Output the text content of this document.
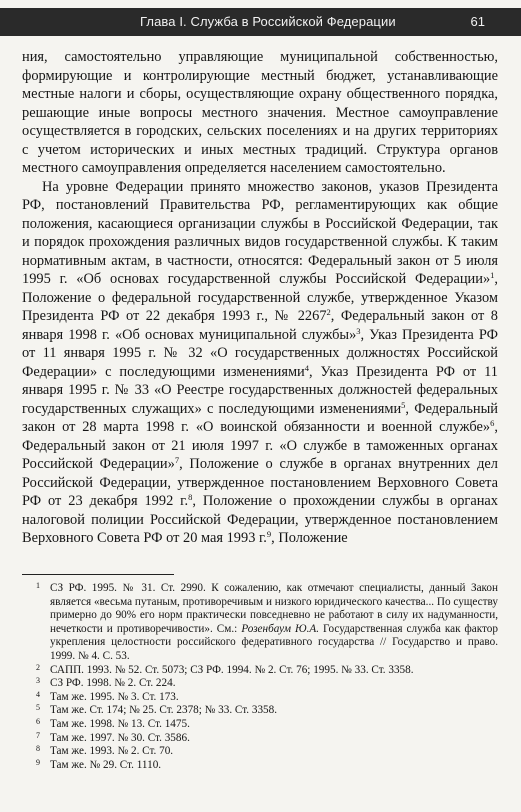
Глава I. Служба в Российской Федерации	61

ния, самостоятельно управляющие муниципальной собственностью, формирующие и контролирующие местный бюджет, устанавливающие местные налоги и сборы, осуществляющие охрану общественного порядка, решающие иные вопросы местного значения. Местное самоуправление осуществляется в городских, сельских поселениях и на других территориях с учетом исторических и иных местных традиций. Структура органов местного самоуправления определяется населением самостоятельно.

На уровне Федерации принято множество законов, указов Президента РФ, постановлений Правительства РФ, регламентирующих как общие положения, касающиеся организации службы в Российской Федерации, так и порядок прохождения различных видов государственной службы. К таким нормативным актам, в частности, относятся: Федеральный закон от 5 июля 1995 г. «Об основах государственной службы Российской Федерации»$^1$, Положение о федеральной государственной службе, утвержденное Указом Президента РФ от 22 декабря 1993 г., № 2267$^2$, Федеральный закон от 8 января 1998 г. «Об основах муниципальной службы»$^3$, Указ Президента РФ от 11 января 1995 г. № 32 «О государственных должностях Российской Федерации» с последующими изменениями$^4$, Указ Президента РФ от 11 января 1995 г. № 33 «О Реестре государственных должностей федеральных государственных служащих» с последующими изменениями$^5$, Федеральный закон от 28 марта 1998 г. «О воинской обязанности и военной службе»$^6$, Федеральный закон от 21 июля 1997 г. «О службе в таможенных органах Российской Федерации»$^7$, Положение о службе в органах внутренних дел Российской Федерации, утвержденное постановлением Верховного Совета РФ от 23 декабря 1992 г.$^8$, Положение о прохождении службы в органах налоговой полиции Российской Федерации, утвержденное постановлением Верховного Совета РФ от 20 мая 1993 г.$^9$, Положение

1 СЗ РФ. 1995. № 31. Ст. 2990. К сожалению, как отмечают специалисты, данный Закон является «весьма путаным, противоречивым и низкого юридического качества... По существу примерно до 90% его норм практически повседневно не работают в силу их надуманности, нечеткости и противоречивости». См.: Розенбаум Ю.А. Государственная служба как фактор укрепления целостности российского федеративного государства // Государство и право. 1999. № 4. С. 53.
2 САПП. 1993. № 52. Ст. 5073; СЗ РФ. 1994. № 2. Ст. 76; 1995. № 33. Ст. 3358.
3 СЗ РФ. 1998. № 2. Ст. 224.
4 Там же. 1995. № 3. Ст. 173.
5 Там же. Ст. 174; № 25. Ст. 2378; № 33. Ст. 3358.
6 Там же. 1998. № 13. Ст. 1475.
7 Там же. 1997. № 30. Ст. 3586.
8 Там же. 1993. № 2. Ст. 70.
9 Там же. № 29. Ст. 1110.
